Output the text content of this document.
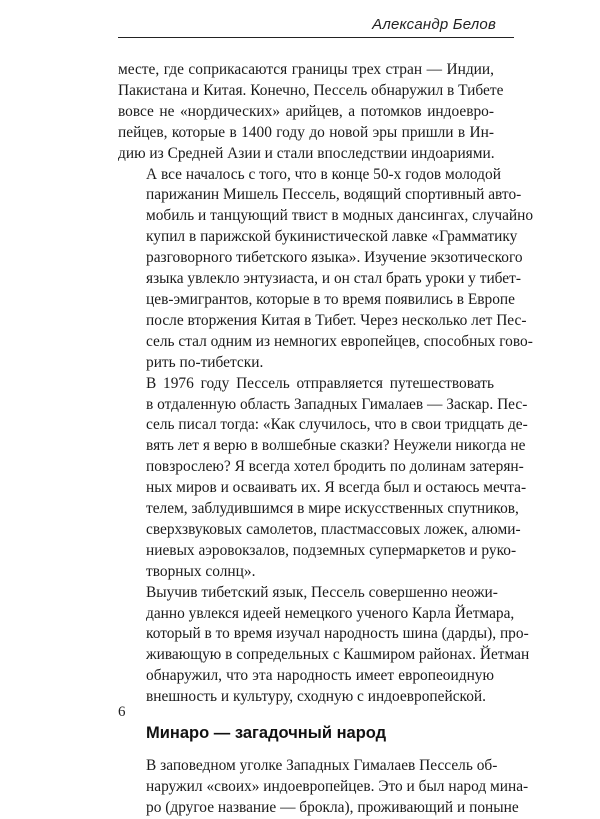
Александр Белов

месте, где соприкасаются границы трех стран — Индии,
Пакистана и Китая. Конечно, Пессель обнаружил в Тибете
вовсе не «нордических» арийцев, а потомков индоевро-
пейцев, которые в 1400 году до новой эры пришли в Ин-
дию из Средней Азии и стали впоследствии индоариями.

А все началось с того, что в конце 50-х годов молодой
парижанин Мишель Пессель, водящий спортивный авто-
мобиль и танцующий твист в модных дансингах, случайно
купил в парижской букинистической лавке «Грамматику
разговорного тибетского языка». Изучение экзотического
языка увлекло энтузиаста, и он стал брать уроки у тибет-
цев-эмигрантов, которые в то время появились в Европе
после вторжения Китая в Тибет. Через несколько лет Пес-
сель стал одним из немногих европейцев, способных гово-
рить по-тибетски.

В 1976 году Пессель отправляется путешествовать
в отдаленную область Западных Гималаев — Заскар. Пес-
сель писал тогда: «Как случилось, что в свои тридцать де-
вять лет я верю в волшебные сказки? Неужели никогда не
повзрослею? Я всегда хотел бродить по долинам затерян-
ных миров и осваивать их. Я всегда был и остаюсь мечта-
телем, заблудившимся в мире искусственных спутников,
сверхзвуковых самолетов, пластмассовых ложек, алюми-
ниевых аэровокзалов, подземных супермаркетов и руко-
творных солнц».

Выучив тибетский язык, Пессель совершенно неожи-
данно увлекся идеей немецкого ученого Карла Йетмара,
который в то время изучал народность шина (дарды), про-
живающую в сопредельных с Кашмиром районах. Йетман
обнаружил, что эта народность имеет европеоидную
внешность и культуру, сходную с индоевропейской.

Минаро — загадочный народ

В заповедном уголке Западных Гималаев Пессель об-
наружил «своих» индоевропейцев. Это и был народ мина-
ро (другое название — брокла), проживающий и поныне

6
